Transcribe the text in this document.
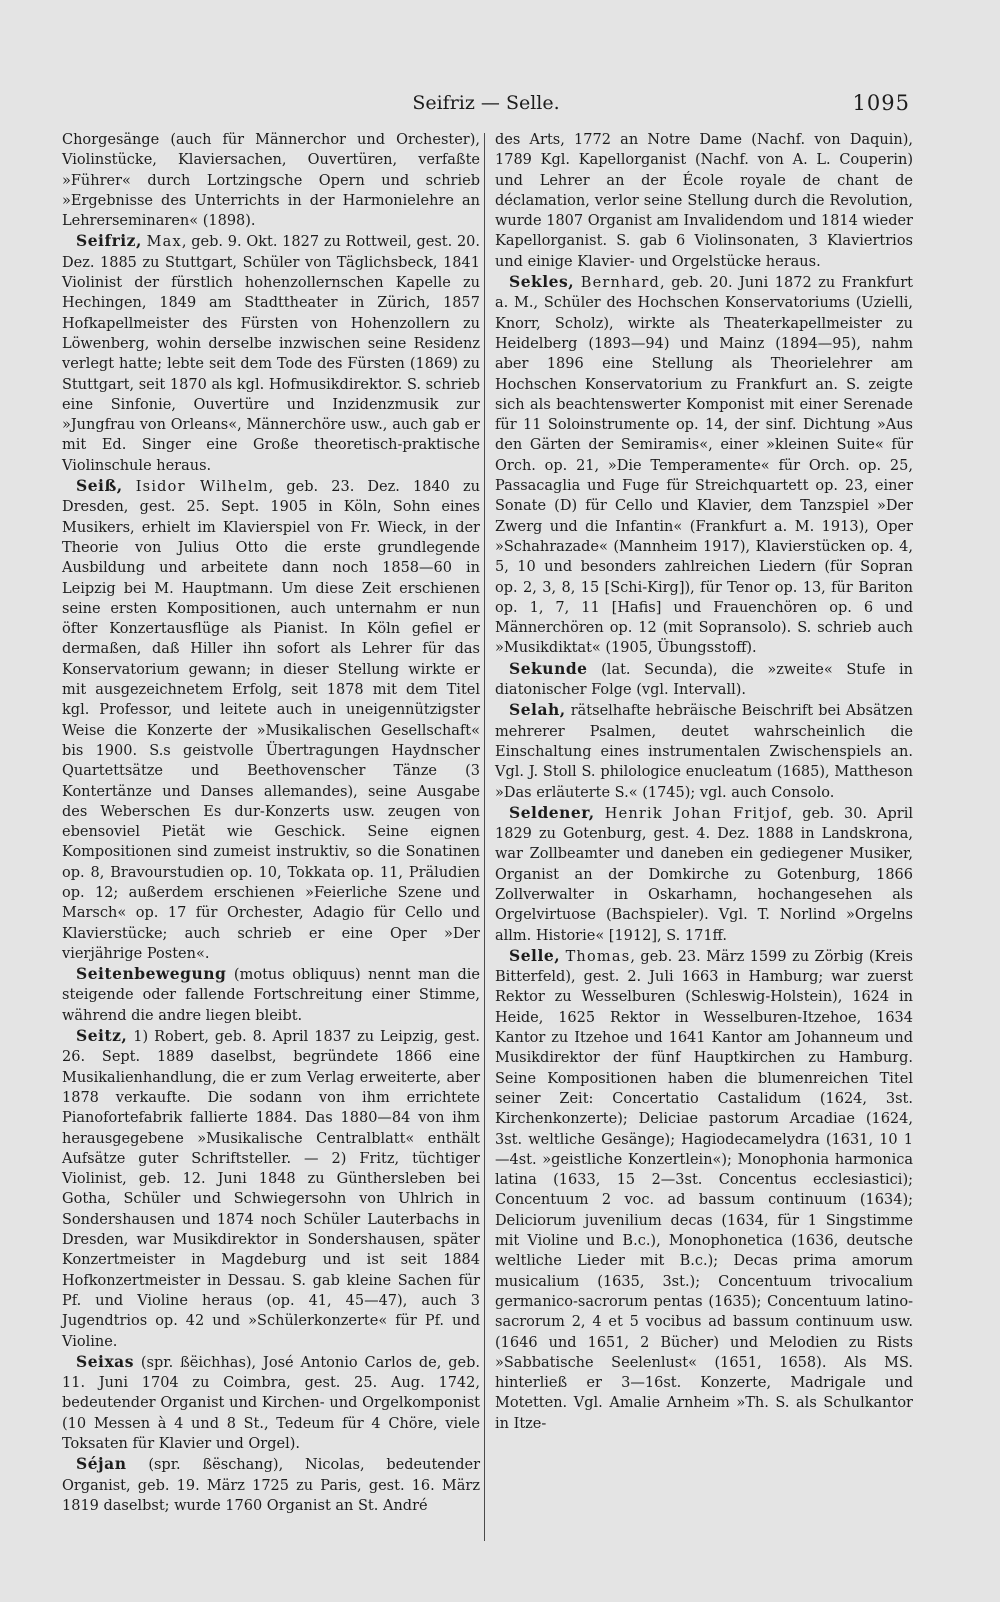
Seifriz — Selle.	1095

Chorgesänge (auch für Männerchor und Orchester), Violinstücke, Klaviersachen, Ouvertüren, verfaßte »Führer« durch Lortzingsche Opern und schrieb »Ergebnisse des Unterrichts in der Harmonielehre an Lehrerseminaren« (1898).

Seifriz, Max, geb. 9. Okt. 1827 zu Rottweil, gest. 20. Dez. 1885 zu Stuttgart, Schüler von Täglichsbeck, 1841 Violinist der fürstlich hohenzollernschen Kapelle zu Hechingen, 1849 am Stadttheater in Zürich, 1857 Hofkapellmeister des Fürsten von Hohenzollern zu Löwenberg, wohin derselbe inzwischen seine Residenz verlegt hatte; lebte seit dem Tode des Fürsten (1869) zu Stuttgart, seit 1870 als kgl. Hofmusikdirektor. S. schrieb eine Sinfonie, Ouvertüre und Inzidenzmusik zur »Jungfrau von Orleans«, Männerchöre usw., auch gab er mit Ed. Singer eine Große theoretisch-praktische Violinschule heraus.

Seiß, Isidor Wilhelm, geb. 23. Dez. 1840 zu Dresden, gest. 25. Sept. 1905 in Köln, Sohn eines Musikers, erhielt im Klavierspiel von Fr. Wieck, in der Theorie von Julius Otto die erste grundlegende Ausbildung und arbeitete dann noch 1858—60 in Leipzig bei M. Hauptmann. Um diese Zeit erschienen seine ersten Kompositionen, auch unternahm er nun öfter Konzertausflüge als Pianist. In Köln gefiel er dermaßen, daß Hiller ihn sofort als Lehrer für das Konservatorium gewann; in dieser Stellung wirkte er mit ausgezeichnetem Erfolg, seit 1878 mit dem Titel kgl. Professor, und leitete auch in uneigennützigster Weise die Konzerte der »Musikalischen Gesellschaft« bis 1900. S.s geistvolle Übertragungen Haydnscher Quartettsätze und Beethovenscher Tänze (3 Kontertänze und Danses allemandes), seine Ausgabe des Weberschen Es dur-Konzerts usw. zeugen von ebensoviel Pietät wie Geschick. Seine eignen Kompositionen sind zumeist instruktiv, so die Sonatinen op. 8, Bravourstudien op. 10, Tokkata op. 11, Präludien op. 12; außerdem erschienen »Feierliche Szene und Marsch« op. 17 für Orchester, Adagio für Cello und Klavierstücke; auch schrieb er eine Oper »Der vierjährige Posten«.

Seitenbewegung (motus obliquus) nennt man die steigende oder fallende Fortschreitung einer Stimme, während die andre liegen bleibt.

Seitz, 1) Robert, geb. 8. April 1837 zu Leipzig, gest. 26. Sept. 1889 daselbst, begründete 1866 eine Musikalienhandlung, die er zum Verlag erweiterte, aber 1878 verkaufte. Die sodann von ihm errichtete Pianofortefabrik fallierte 1884. Das 1880—84 von ihm herausgegebene »Musikalische Centralblatt« enthält Aufsätze guter Schriftsteller. — 2) Fritz, tüchtiger Violinist, geb. 12. Juni 1848 zu Günthersleben bei Gotha, Schüler und Schwiegersohn von Uhlrich in Sondershausen und 1874 noch Schüler Lauterbachs in Dresden, war Musikdirektor in Sondershausen, später Konzertmeister in Magdeburg und ist seit 1884 Hofkonzertmeister in Dessau. S. gab kleine Sachen für Pf. und Violine heraus (op. 41, 45—47), auch 3 Jugendtrios op. 42 und »Schülerkonzerte« für Pf. und Violine.

Seixas (spr. ßëichhas), José Antonio Carlos de, geb. 11. Juni 1704 zu Coimbra, gest. 25. Aug. 1742, bedeutender Organist und Kirchen- und Orgelkomponist (10 Messen à 4 und 8 St., Tedeum für 4 Chöre, viele Toksaten für Klavier und Orgel).

Séjan (spr. ßëschang), Nicolas, bedeutender Organist, geb. 19. März 1725 zu Paris, gest. 16. März 1819 daselbst; wurde 1760 Organist an St. André

des Arts, 1772 an Notre Dame (Nachf. von Daquin), 1789 Kgl. Kapellorganist (Nachf. von A. L. Couperin) und Lehrer an der École royale de chant de déclamation, verlor seine Stellung durch die Revolution, wurde 1807 Organist am Invalidendom und 1814 wieder Kapellorganist. S. gab 6 Violinsonaten, 3 Klaviertrios und einige Klavier- und Orgelstücke heraus.

Sekles, Bernhard, geb. 20. Juni 1872 zu Frankfurt a. M., Schüler des Hochschen Konservatoriums (Uzielli, Knorr, Scholz), wirkte als Theaterkapellmeister zu Heidelberg (1893—94) und Mainz (1894—95), nahm aber 1896 eine Stellung als Theorielehrer am Hochschen Konservatorium zu Frankfurt an. S. zeigte sich als beachtenswerter Komponist mit einer Serenade für 11 Soloinstrumente op. 14, der sinf. Dichtung »Aus den Gärten der Semiramis«, einer »kleinen Suite« für Orch. op. 21, »Die Temperamente« für Orch. op. 25, Passacaglia und Fuge für Streichquartett op. 23, einer Sonate (D) für Cello und Klavier, dem Tanzspiel »Der Zwerg und die Infantin« (Frankfurt a. M. 1913), Oper »Schahrazade« (Mannheim 1917), Klavierstücken op. 4, 5, 10 und besonders zahlreichen Liedern (für Sopran op. 2, 3, 8, 15 [Schi-Kirg]), für Tenor op. 13, für Bariton op. 1, 7, 11 [Hafis] und Frauenchören op. 6 und Männerchören op. 12 (mit Sopransolo). S. schrieb auch »Musikdiktat« (1905, Übungsstoff).

Sekunde (lat. Secunda), die »zweite« Stufe in diatonischer Folge (vgl. Intervall).

Selah, rätselhafte hebräische Beischrift bei Absätzen mehrerer Psalmen, deutet wahrscheinlich die Einschaltung eines instrumentalen Zwischenspiels an. Vgl. J. Stoll S. philologice enucleatum (1685), Mattheson »Das erläuterte S.« (1745); vgl. auch Consolo.

Seldener, Henrik Johan Fritjof, geb. 30. April 1829 zu Gotenburg, gest. 4. Dez. 1888 in Landskrona, war Zollbeamter und daneben ein gediegener Musiker, Organist an der Domkirche zu Gotenburg, 1866 Zollverwalter in Oskarhamn, hochangesehen als Orgelvirtuose (Bachspieler). Vgl. T. Norlind »Orgelns allm. Historie« [1912], S. 171ff.

Selle, Thomas, geb. 23. März 1599 zu Zörbig (Kreis Bitterfeld), gest. 2. Juli 1663 in Hamburg; war zuerst Rektor zu Wesselburen (Schleswig-Holstein), 1624 in Heide, 1625 Rektor in Wesselburen-Itzehoe, 1634 Kantor zu Itzehoe und 1641 Kantor am Johanneum und Musikdirektor der fünf Hauptkirchen zu Hamburg. Seine Kompositionen haben die blumenreichen Titel seiner Zeit: Concertatio Castalidum (1624, 3st. Kirchenkonzerte); Deliciae pastorum Arcadiae (1624, 3st. weltliche Gesänge); Hagiodecamelydra (1631, 10 1—4st. »geistliche Konzertlein«); Monophonia harmonica latina (1633, 15 2—3st. Concentus ecclesiastici); Concentuum 2 voc. ad bassum continuum (1634); Deliciorum juvenilium decas (1634, für 1 Singstimme mit Violine und B.c.), Monophonetica (1636, deutsche weltliche Lieder mit B.c.); Decas prima amorum musicalium (1635, 3st.); Concentuum trivocalium germanico-sacrorum pentas (1635); Concentuum latino-sacrorum 2, 4 et 5 vocibus ad bassum continuum usw. (1646 und 1651, 2 Bücher) und Melodien zu Rists »Sabbatische Seelenlust« (1651, 1658). Als MS. hinterließ er 3—16st. Konzerte, Madrigale und Motetten. Vgl. Amalie Arnheim »Th. S. als Schulkantor in Itze-
